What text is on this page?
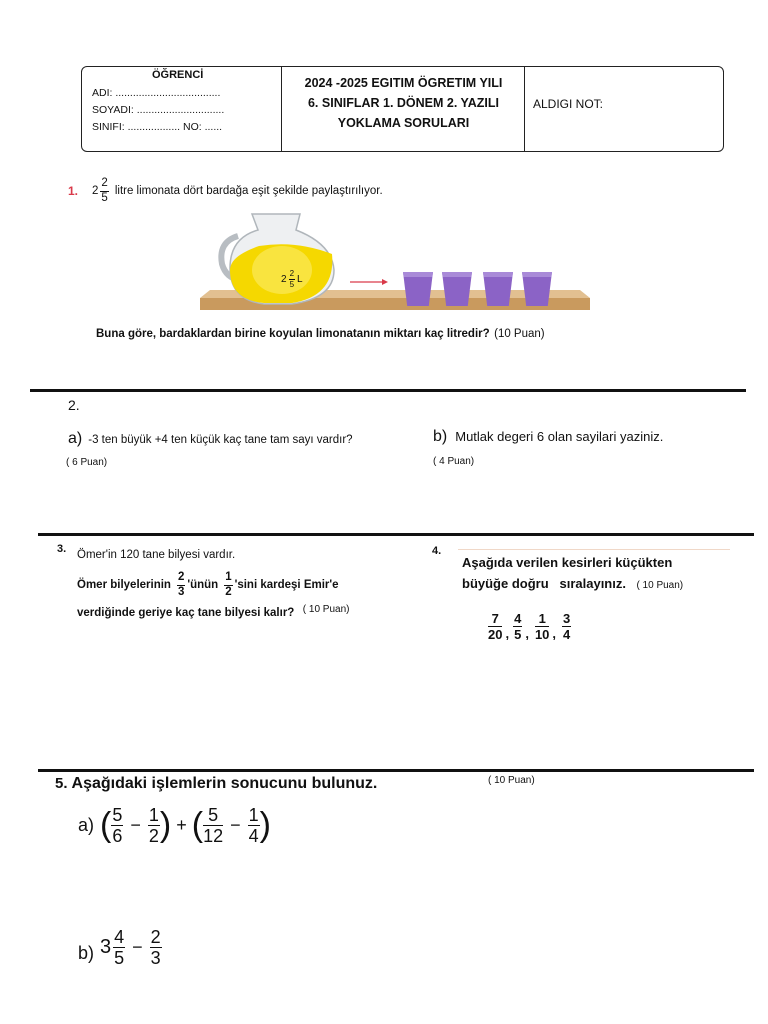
ÖĞRENCİ
ADI: ....................................
SOYADI: ..............................
SINIFI: .................. NO: ......
2024 -2025 EGITIM ÖGRETIM YILI
6. SINIFLAR 1. DÖNEM 2. YAZILI
YOKLAMA SORULARI
ALDIGI NOT:
1. $2 \frac{2}{5}$ litre limonata dört bardağa eşit şekilde paylaştırılıyor.
$2 \frac{2}{5}$ L
Buna göre, bardaklardan birine koyulan limonatanın miktarı kaç litredir? (10 Puan)
2.
a) -3 ten büyük +4 ten küçük kaç tane tam sayı vardır?
( 6 Puan)
b) Mutlak degeri 6 olan sayilari yaziniz.
( 4 Puan)
3. Ömer'in 120 tane bilyesi vardır.
Ömer bilyelerinin $\frac{2}{3}$ 'ünün $\frac{1}{2}$ 'sini kardeşi Emir'e
verdiğinde geriye kaç tane bilyesi kalır? $^{( 10 Puan)}$
4.
Aşağıda verilen kesirleri küçükten
büyüğe doğru   sıralayınız. ( 10 Puan)
$\frac{7}{20}$ , $\frac{4}{5}$ , $\frac{1}{10}$ , $\frac{3}{4}$
5. Aşağıdaki işlemlerin sonucunu bulunuz.	( 10 Puan)
a) ( $\frac{5}{6} - \frac{1}{2}$ ) + ( $\frac{5}{12} - \frac{1}{4}$ )
b) $3 \frac{4}{5} - \frac{2}{3}$
